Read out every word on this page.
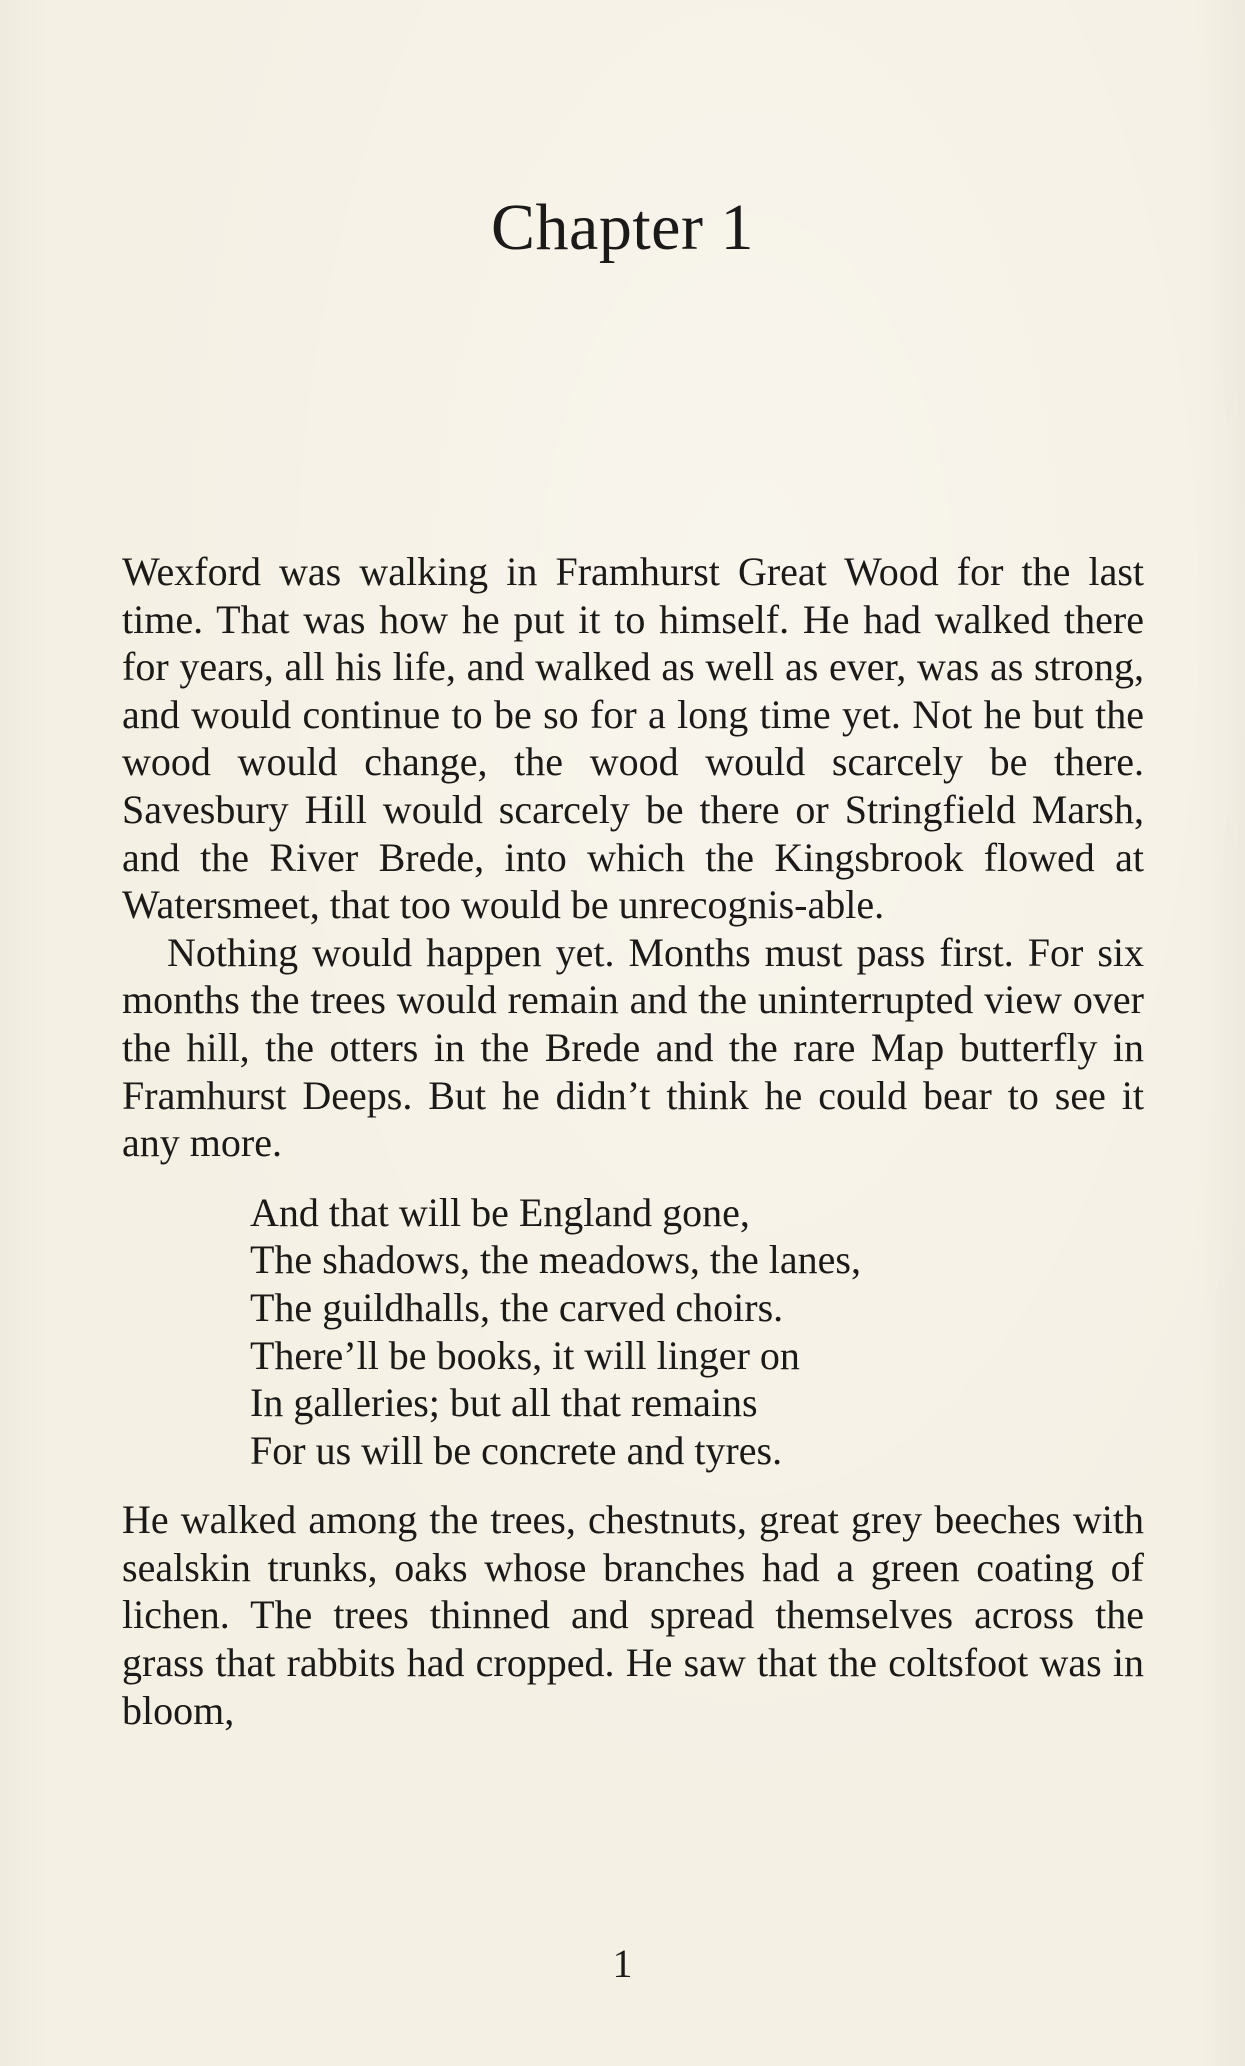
Chapter 1

Wexford was walking in Framhurst Great Wood for the last time. That was how he put it to himself. He had walked there for years, all his life, and walked as well as ever, was as strong, and would continue to be so for a long time yet. Not he but the wood would change, the wood would scarcely be there. Savesbury Hill would scarcely be there or Stringfield Marsh, and the River Brede, into which the Kingsbrook flowed at Watersmeet, that too would be unrecognis-able.

Nothing would happen yet. Months must pass first. For six months the trees would remain and the uninterrupted view over the hill, the otters in the Brede and the rare Map butterfly in Framhurst Deeps. But he didn’t think he could bear to see it any more.

And that will be England gone,
The shadows, the meadows, the lanes,
The guildhalls, the carved choirs.
There’ll be books, it will linger on
In galleries; but all that remains
For us will be concrete and tyres.

He walked among the trees, chestnuts, great grey beeches with sealskin trunks, oaks whose branches had a green coating of lichen. The trees thinned and spread themselves across the grass that rabbits had cropped. He saw that the coltsfoot was in bloom,

1
